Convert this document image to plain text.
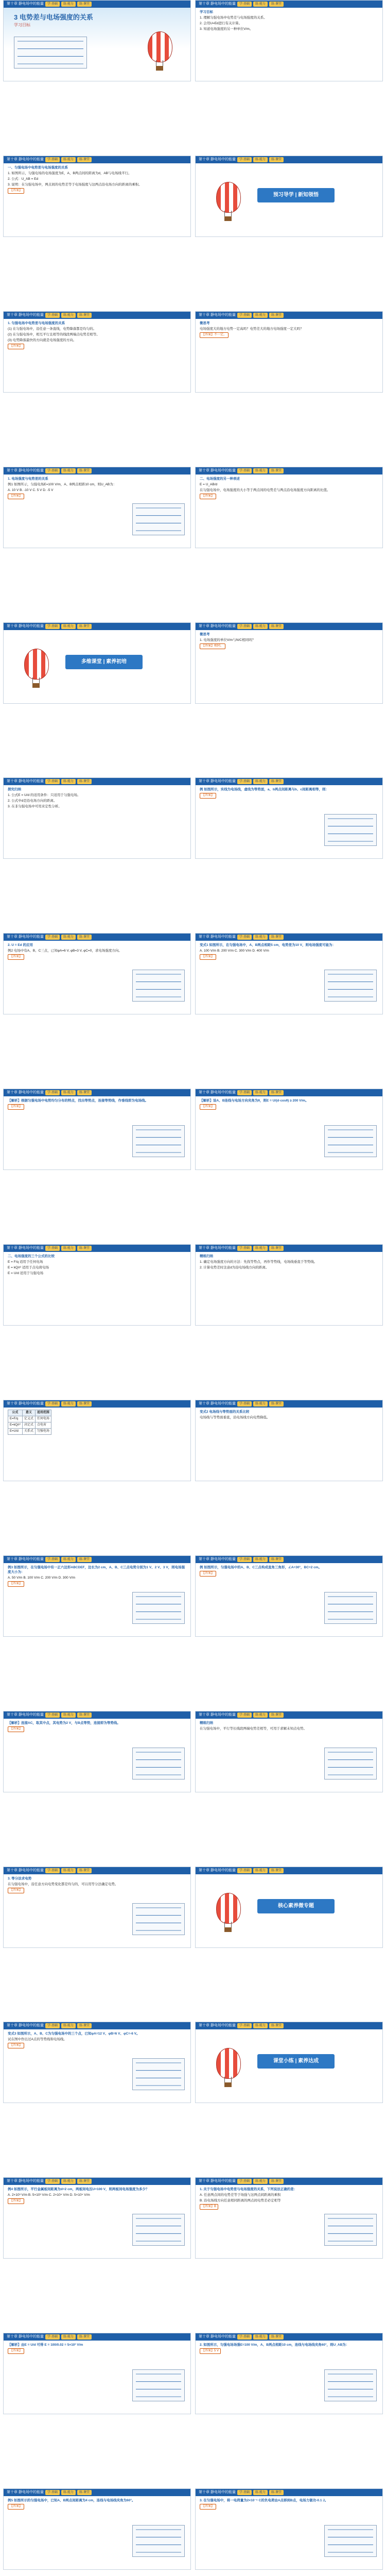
第十章 静电场中的能量 学·基础 练·能力 练·课堂
3 电势差与电场强度的关系
学习目标
第十章 静电场中的能量 学·基础 练·能力 练·课堂

一、匀强电场中电势差与电场强度的关系

1. 如图所示，匀强电场的电场强度为E，A、B两点间的距离为d，AB与电场线平行。

2. 公式：U_AB = Ed

3. 说明：在匀强电场中，两点间的电势差等于电场强度与这两点沿电场方向的距离的乘积。

【答案】
第十章 静电场中的能量 学·基础 练·能力 练·课堂

1. 匀强电场中电势差与电场强度的关系

(1) 在匀强电场中，沿任意一条直线，电势降落都是均匀的。

(2) 在匀强电场中，相互平行且相等的线段两端点电势差相等。

(3) 电势降落最快的方向就是电场强度的方向。

【答案】
第十章 静电场中的能量 学·基础 练·能力 练·课堂

1. 电场强度与电势差的关系

例1 如图所示，匀强电场E=100 V/m，A、B两点相距10 cm，则U_AB为：

A. 10 V B. -10 V C. 5 V D. -5 V

【答案】
第十章 静电场中的能量 学·基础 练·能力 练·课堂
多维课堂 | 素养初培
第十章 静电场中的能量 学·基础 练·能力 练·课堂

探究归纳

1. 公式E = U/d 的适用条件：只适用于匀强电场。

2. 公式中d是沿电场方向的距离。

3. 在非匀强电场中可用来定性分析。

第十章 静电场中的能量 学·基础 练·能力 练·课堂

2. U = Ed 的应用

例2 电场中有A、B、C三点，已知φA=6 V, φB=3 V, φC=0，求电场强度方向。

【答案】
第十章 静电场中的能量 学·基础 练·能力 练·课堂

【解析】根据匀强电场中电势均匀分布的特点，找出等势点，连接等势线，作垂线即为电场线。

【答案】
第十章 静电场中的能量 学·基础 练·能力 练·课堂

二、电场强度的三个公式的比较

E = F/q 适用于任何电场

E = kQ/r² 适用于点电荷电场

E = U/d 适用于匀强电场

第十章 静电场中的能量 学·基础 练·能力 练·课堂
公式	意义	适用范围
E=F/q	定义式	任何电场
E=kQ/r²	决定式	点电荷
E=U/d	关系式	匀强电场
第十章 静电场中的能量 学·基础 练·能力 练·课堂

例3 如图所示，在匀强电场中有一正六边形ABCDEF，边长为2 cm，A、B、C三点电势分别为1 V、2 V、3 V，则电场强度大小为：

A. 50 V/m B. 100 V/m C. 200 V/m D. 300 V/m

【答案】
第十章 静电场中的能量 学·基础 练·能力 练·课堂

【解析】连接AC，取其中点，其电势为2 V，与B点等势，连接即为等势线。

【答案】
第十章 静电场中的能量 学·基础 练·能力 练·课堂

3. 等分法求电势

在匀强电场中，沿任意方向电势变化都是均匀的，可以用等分法确定电势。

【答案】
第十章 静电场中的能量 学·基础 练·能力 练·课堂

变式3 如图所示，A、B、C为匀强电场中的三个点，已知φA=12 V、φB=6 V、φC=-6 V。

试在图中作出过A点的等势线和电场线。

【答案】
第十章 静电场中的能量 学·基础 练·能力 练·课堂

例4 如图所示，平行金属板间距离为d=2 cm，两板间电压U=100 V，则两板间电场强度为多少？

A. 2×10³ V/m B. 5×10³ V/m C. 2×10⁴ V/m D. 5×10⁴ V/m

【答案】
第十章 静电场中的能量 学·基础 练·能力 练·课堂

【解析】由E = U/d 可得 E = 100/0.02 = 5×10³ V/m

【答案】
第十章 静电场中的能量 学·基础 练·能力 练·课堂

例5 如图所示的匀强电场中，已知A、B两点间距离为4 cm，连线与电场线夹角为60°。

【答案】
第十章 静电场中的能量 学·基础 练·能力 练·课堂

学习目标

1. 理解匀强电场中电势差与电场强度的关系。

2. 会用U=Ed进行有关计算。

3. 知道电场强度的另一种单位V/m。

第十章 静电场中的能量 学·基础 练·能力 练·课堂
预习导学 | 新知领悟
第十章 静电场中的能量 学·基础 练·能力 练·课堂

微思考

电场强度大的地方电势一定高吗？电势差大的地方电场强度一定大吗？

【答案】不一定。
第十章 静电场中的能量 学·基础 练·能力 练·课堂

二、电场强度的另一种表述

E = U_AB/d

在匀强电场中，电场强度的大小等于两点间的电势差与两点沿电场强度方向距离的比值。

【答案】
第十章 静电场中的能量 学·基础 练·能力 练·课堂

微思考

1. 电场强度的单位V/m与N/C相同吗？

【答案】相同。
第十章 静电场中的能量 学·基础 练·能力 练·课堂

例 如图所示，实线为电场线，虚线为等势面，a、b两点间距离与b、c间距离相等，则：

【答案】
第十章 静电场中的能量 学·基础 练·能力 练·课堂

变式1 如图所示，在匀强电场中，A、B两点相距5 cm，电势差为10 V，则电场强度可能为：

A. 100 V/m B. 200 V/m C. 300 V/m D. 400 V/m

【答案】
第十章 静电场中的能量 学·基础 练·能力 练·课堂

【解析】设A、B连线与电场方向夹角为θ，则E = U/(d·cosθ) ≥ 200 V/m。

【答案】
第十章 静电场中的能量 学·基础 练·能力 练·课堂

精练归纳

1. 确定电场强度方向的方法：先找等势点，再作等势线，电场线垂直于等势线。

2. 计算电势差时注意d为沿电场线方向的距离。

第十章 静电场中的能量 学·基础 练·能力 练·课堂

变式2 电场线与等势面的关系比较

电场线与等势面垂直，沿电场线方向电势降低。

第十章 静电场中的能量 学·基础 练·能力 练·课堂

例 如图所示，匀强电场中的A、B、C三点构成直角三角形，∠A=30°，BC=2 cm。

【答案】
第十章 静电场中的能量 学·基础 练·能力 练·课堂

精练归纳

在匀强电场中，平行等长线段两端电势差相等，可用于求解未知点电势。

第十章 静电场中的能量 学·基础 练·能力 练·课堂
核心素养微专题
第十章 静电场中的能量 学·基础 练·能力 练·课堂
课堂小练 | 素养达成
第十章 静电场中的能量 学·基础 练·能力 练·课堂

1. 关于匀强电场中电势差与电场强度的关系，下列说法正确的是：

A. 任意两点间的电势差等于场强与这两点间距离的乘积

B. 沿电场线方向任意相同距离的两点间电势差必定相等

【答案】B
第十章 静电场中的能量 学·基础 练·能力 练·课堂

2. 如图所示，匀强电场场强E=100 V/m，A、B两点相距10 cm，连线与电场线夹角60°，则U_AB为：

【答案】5 V
第十章 静电场中的能量 学·基础 练·能力 练·课堂

3. 在匀强电场中，将一电荷量为2×10⁻⁵ C的负电荷由A点移到B点，电场力做功-0.1 J。

【答案】
